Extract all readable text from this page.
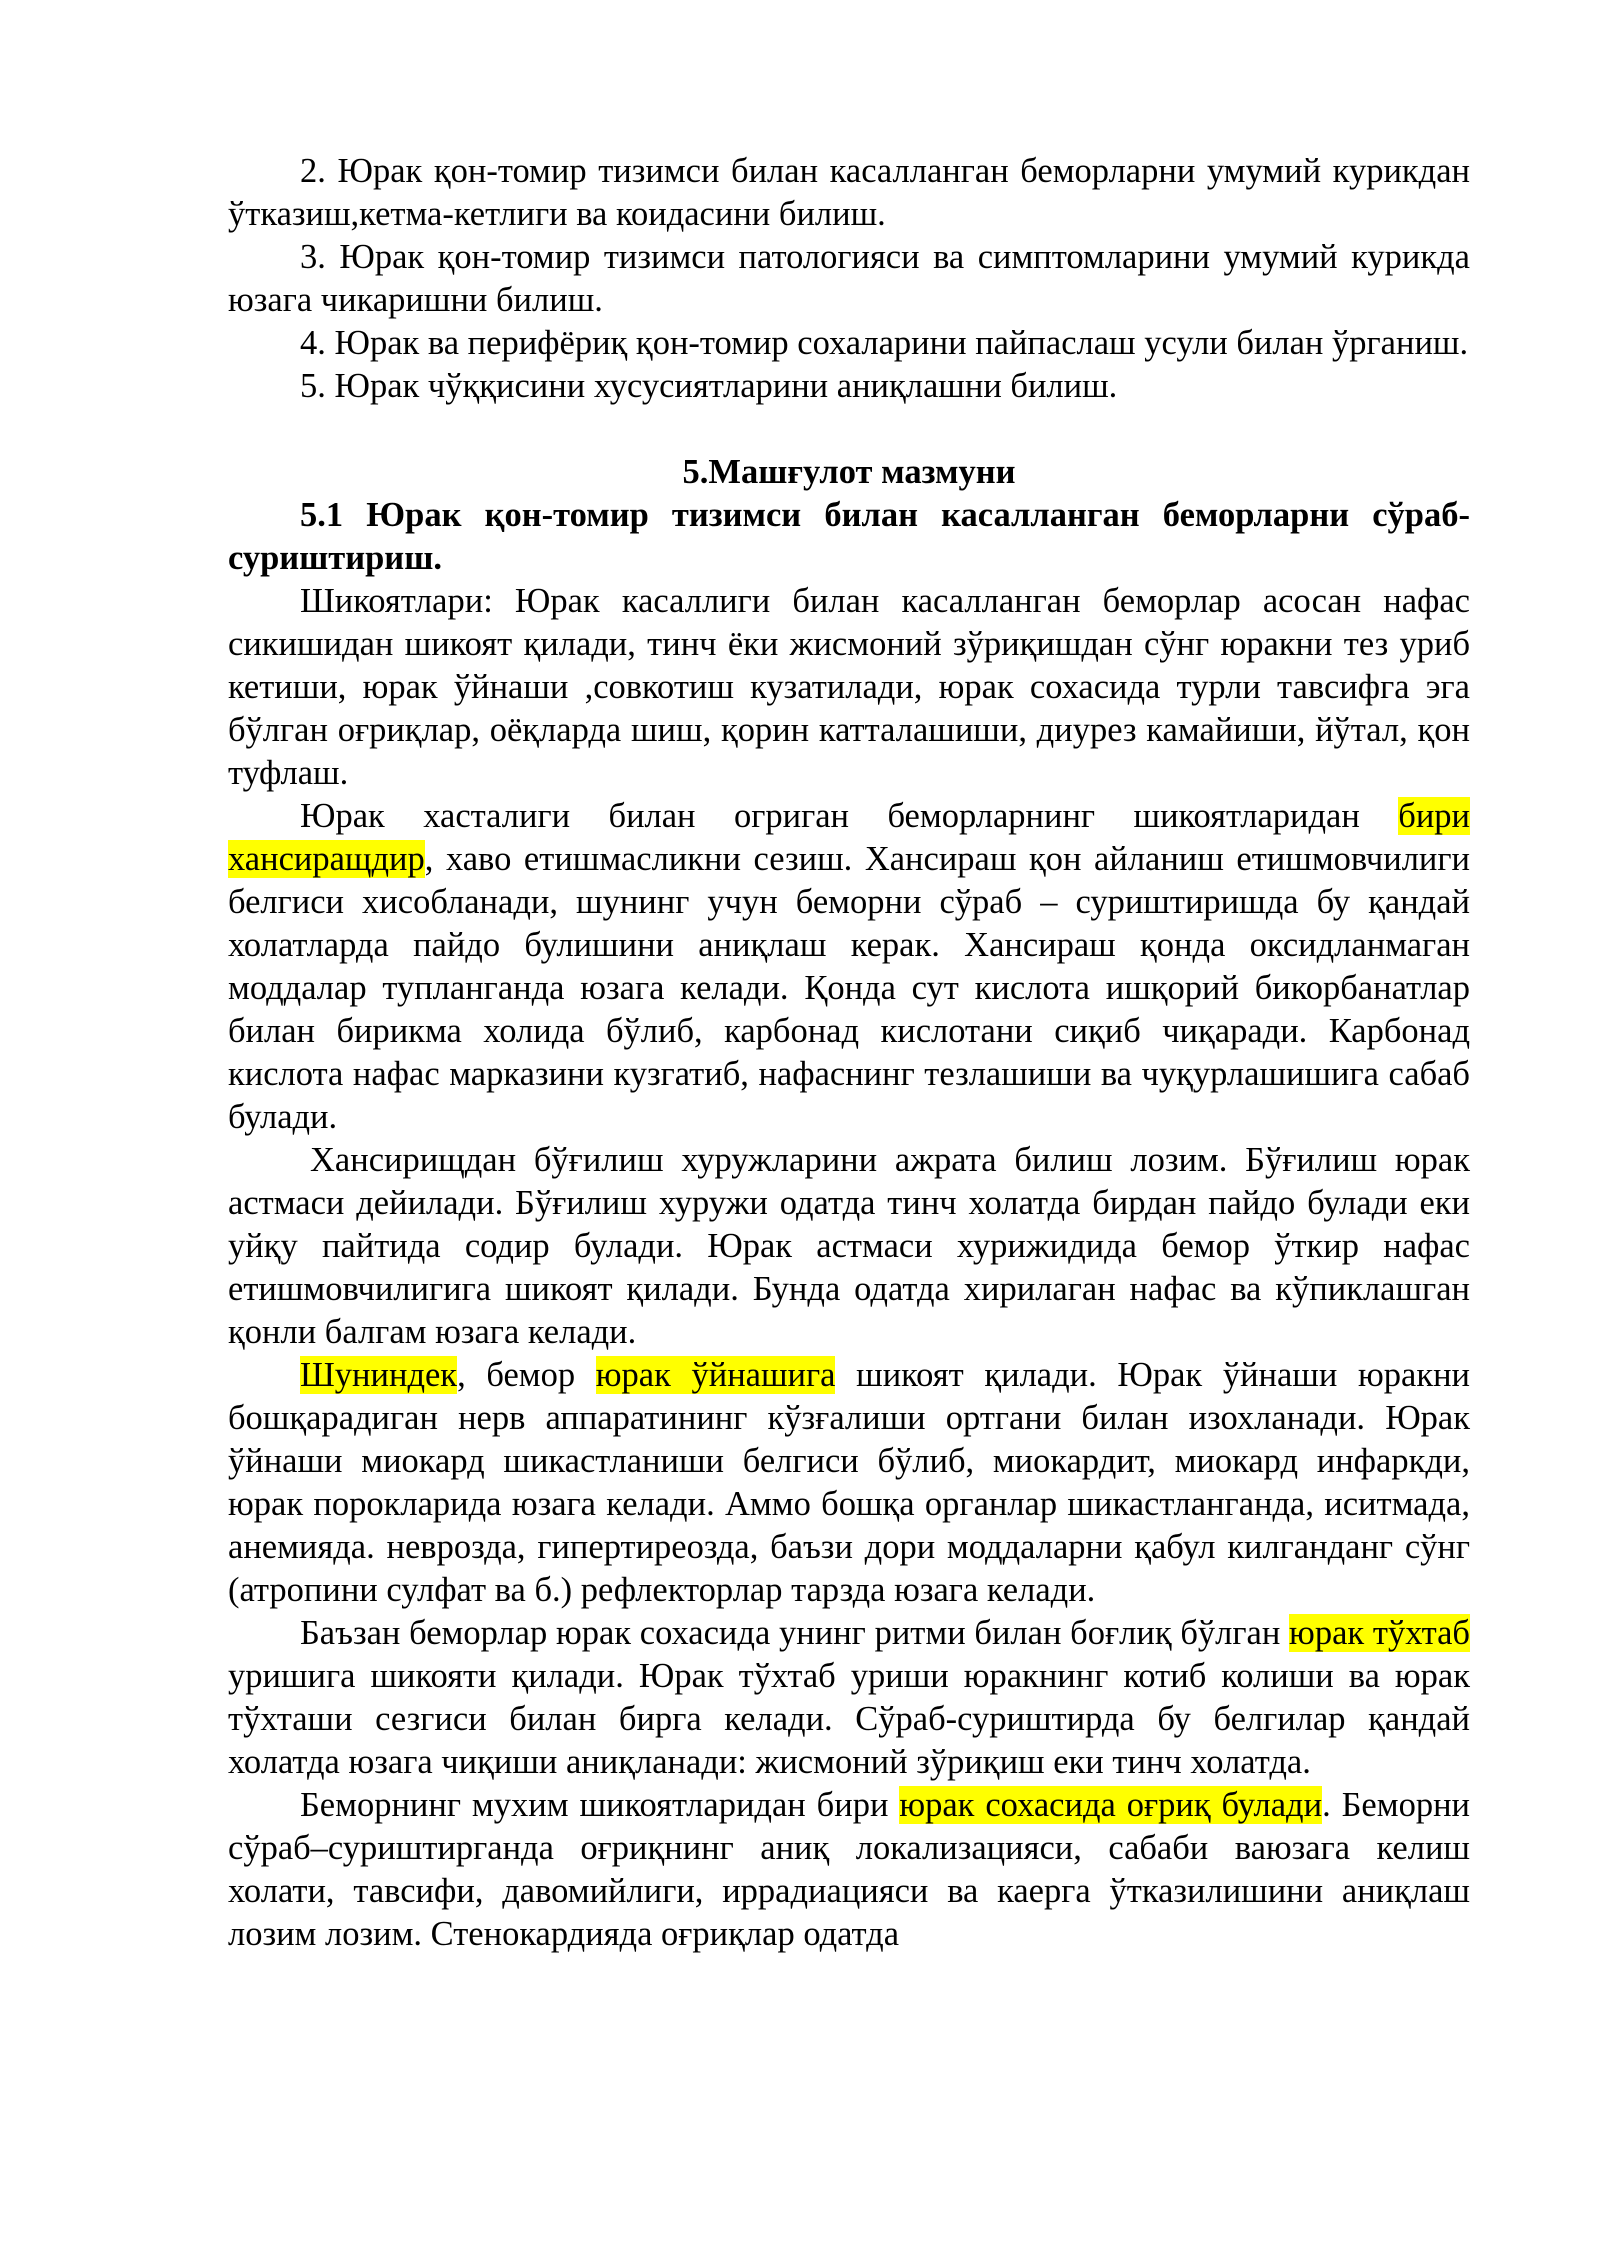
2. Юрак қон-томир тизимси билан касалланган беморларни умумий курикдан ўтказиш,кетма-кетлиги ва коидасини билиш.

3. Юрак қон-томир тизимси патологияси ва симптомларини умумий курикда юзага чикаришни билиш.

4. Юрак ва перифёриқ қон-томир сохаларини пайпаслаш усули билан ўрганиш.

5. Юрак чўққисини хусусиятларини аниқлашни билиш.

5.Машғулот мазмуни

5.1 Юрак қон-томир тизимси билан касалланган беморларни сўраб-суриштириш.

Шикоятлари: Юрак касаллиги билан касалланган беморлар асосан нафас сикишидан шикоят қилади, тинч ёки жисмоний зўриқишдан сўнг юракни тез уриб кетиши, юрак ўйнаши ,совкотиш кузатилади, юрак сохасида турли тавсифга эга бўлган оғриқлар, оёқларда шиш, қорин катталашиши, диурез камайиши, йўтал, қон туфлаш.

Юрак хасталиги билан огриган беморларнинг шикоятларидан бири хансиращдир, хаво етишмасликни сезиш. Хансираш қон айланиш етишмовчилиги белгиси хисобланади, шунинг учун беморни сўраб – суриштиришда бу қандай холатларда пайдо булишини аниқлаш керак. Хансираш қонда оксидланмаган моддалар тупланганда юзага келади. Қонда сут кислота ишқорий бикорбанатлар билан бирикма холида бўлиб, карбонад кислотани сиқиб чиқаради. Карбонад кислота нафас марказини кузгатиб, нафаснинг тезлашиши ва чуқурлашишига сабаб булади.

Хансирищдан бўғилиш хуружларини ажрата билиш лозим. Бўғилиш юрак астмаси дейилади. Бўғилиш хуружи одатда тинч холатда бирдан пайдо булади еки уйқу пайтида содир булади. Юрак астмаси хурижидида бемор ўткир нафас етишмовчилигига шикоят қилади. Бунда одатда хирилаган нафас ва кўпиклашган қонли балгам юзага келади.

Шуниндек, бемор юрак ўйнашига шикоят қилади. Юрак ўйнаши юракни бошқарадиган нерв аппаратининг кўзғалиши ортгани билан изохланади. Юрак ўйнаши миокард шикастланиши белгиси бўлиб, миокардит, миокард инфаркди, юрак порокларида юзага келади. Аммо бошқа органлар шикастланганда, иситмада, анемияда. неврозда, гипертиреозда, баъзи дори моддаларни қабул килганданг сўнг (атропини сулфат ва б.) рефлекторлар тарзда юзага келади.

Баъзан беморлар юрак сохасида унинг ритми билан боғлиқ бўлган юрак тўхтаб уришига шикояти қилади. Юрак тўхтаб уриши юракнинг котиб колиши ва юрак тўхташи сезгиси билан бирга келади. Сўраб-суриштирда бу белгилар қандай холатда юзага чиқиши аниқланади: жисмоний зўриқиш еки тинч холатда.

Беморнинг мухим шикоятларидан бири юрак сохасида оғриқ булади. Беморни сўраб–суриштирганда оғриқнинг аниқ локализацияси, сабаби ваюзага келиш холати, тавсифи, давомийлиги, иррадиацияси ва каерга ўтказилишини аниқлаш лозим лозим. Стенокардияда оғриқлар одатда
